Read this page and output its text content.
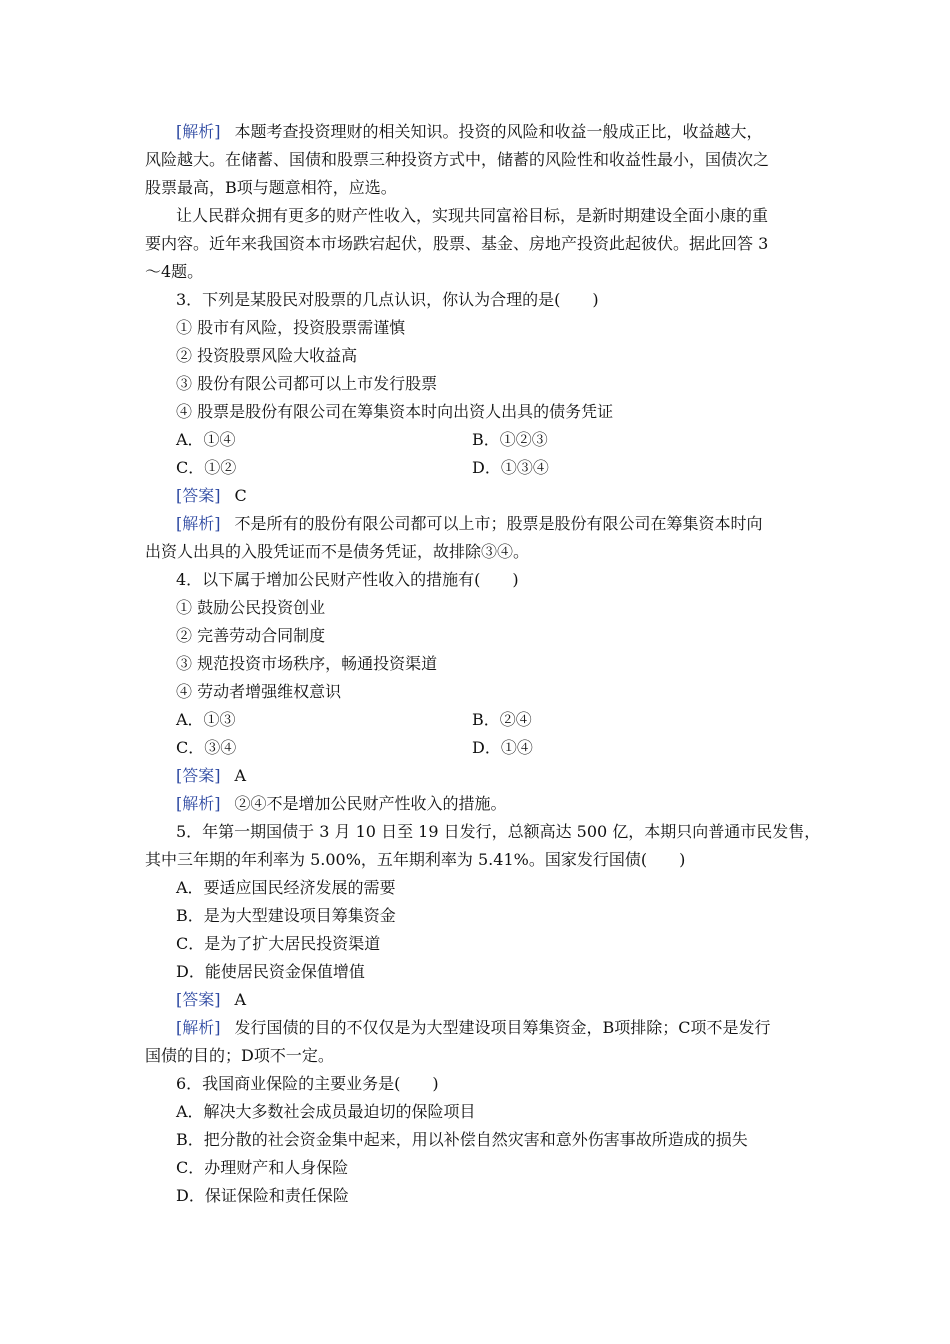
[解析] 本题考查投资理财的相关知识。投资的风险和收益一般成正比，收益越大，
风险越大。在储蓄、国债和股票三种投资方式中，储蓄的风险性和收益性最小，国债次之
股票最高，B项与题意相符，应选。
让人民群众拥有更多的财产性收入，实现共同富裕目标，是新时期建设全面小康的重
要内容。近年来我国资本市场跌宕起伏，股票、基金、房地产投资此起彼伏。据此回答 3
～4题。
3．下列是某股民对股票的几点认识，你认为合理的是(　　)
① 股市有风险，投资股票需谨慎
② 投资股票风险大收益高
③ 股份有限公司都可以上市发行股票
④ 股票是股份有限公司在筹集资本时向出资人出具的债务凭证
A．①④	B．①②③
C．①②	D．①③④
[答案] C
[解析] 不是所有的股份有限公司都可以上市；股票是股份有限公司在筹集资本时向
出资人出具的入股凭证而不是债务凭证，故排除③④。
4．以下属于增加公民财产性收入的措施有(　　)
① 鼓励公民投资创业
② 完善劳动合同制度
③ 规范投资市场秩序，畅通投资渠道
④ 劳动者增强维权意识
A．①③	B．②④
C．③④	D．①④
[答案] A
[解析] ②④不是增加公民财产性收入的措施。
5．年第一期国债于 3 月 10 日至 19 日发行，总额高达 500 亿，本期只向普通市民发售，
其中三年期的年利率为 5.00%，五年期利率为 5.41%。国家发行国债(　　)
A．要适应国民经济发展的需要
B．是为大型建设项目筹集资金
C．是为了扩大居民投资渠道
D．能使居民资金保值增值
[答案] A
[解析] 发行国债的目的不仅仅是为大型建设项目筹集资金，B项排除；C项不是发行
国债的目的；D项不一定。
6．我国商业保险的主要业务是(　　)
A．解决大多数社会成员最迫切的保险项目
B．把分散的社会资金集中起来，用以补偿自然灾害和意外伤害事故所造成的损失
C．办理财产和人身保险
D．保证保险和责任保险
